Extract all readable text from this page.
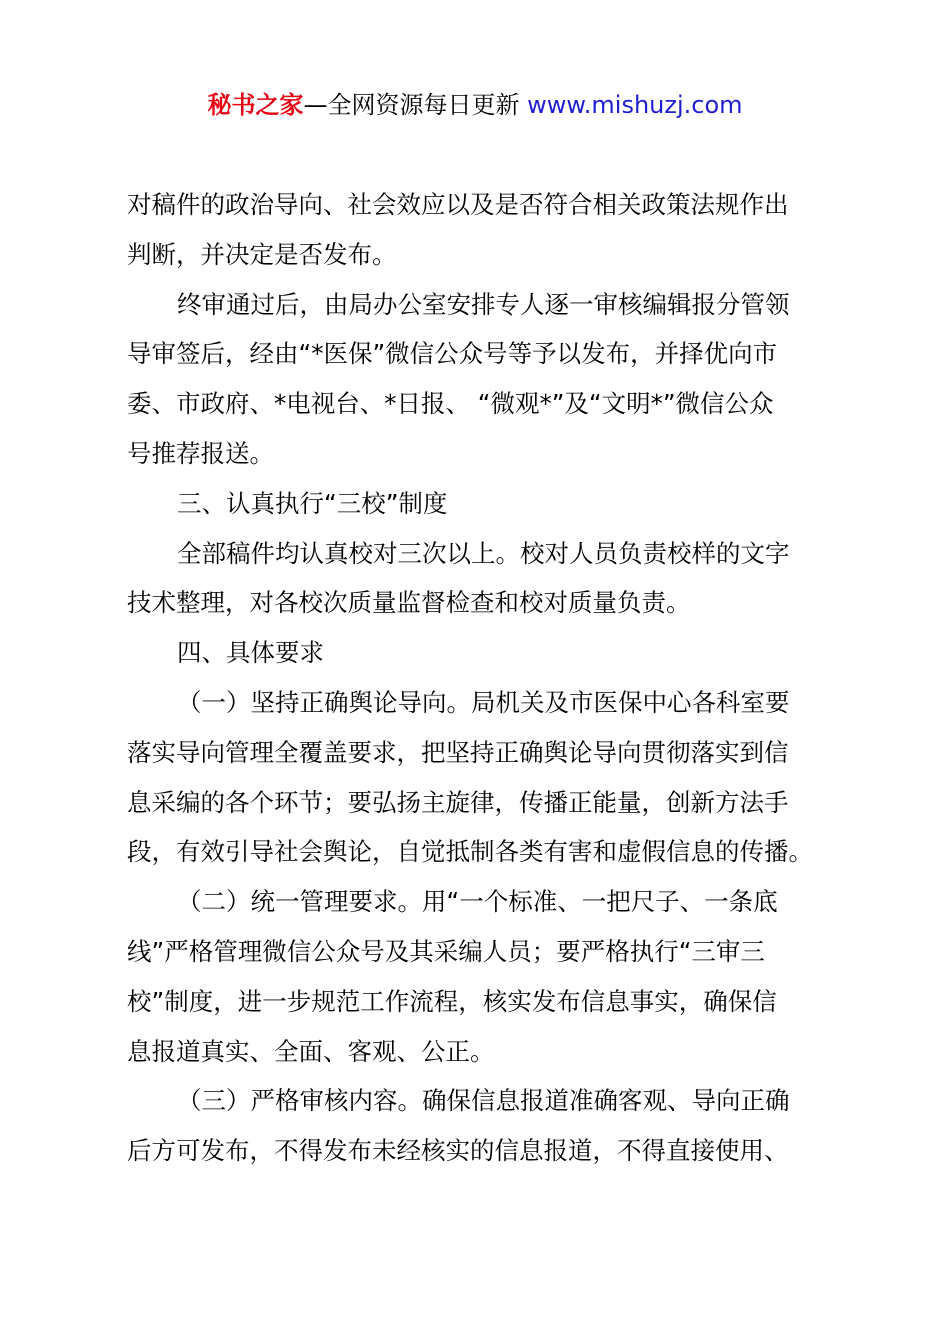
秘书之家—全网资源每日更新 www.mishuzj.com
对稿件的政治导向、社会效应以及是否符合相关政策法规作出
判断，并决定是否发布。
终审通过后，由局办公室安排专人逐一审核编辑报分管领
导审签后，经由“*医保”微信公众号等予以发布，并择优向市
委、市政府、*电视台、*日报、 “微观*”及“文明*”微信公众
号推荐报送。
三、认真执行“三校”制度
全部稿件均认真校对三次以上。校对人员负责校样的文字
技术整理，对各校次质量监督检查和校对质量负责。
四、具体要求
（一）坚持正确舆论导向。局机关及市医保中心各科室要
落实导向管理全覆盖要求，把坚持正确舆论导向贯彻落实到信
息采编的各个环节；要弘扬主旋律，传播正能量，创新方法手
段，有效引导社会舆论，自觉抵制各类有害和虚假信息的传播。
（二）统一管理要求。用“一个标准、一把尺子、一条底
线”严格管理微信公众号及其采编人员；要严格执行“三审三
校”制度，进一步规范工作流程，核实发布信息事实，确保信
息报道真实、全面、客观、公正。
（三）严格审核内容。确保信息报道准确客观、导向正确
后方可发布，不得发布未经核实的信息报道，不得直接使用、
